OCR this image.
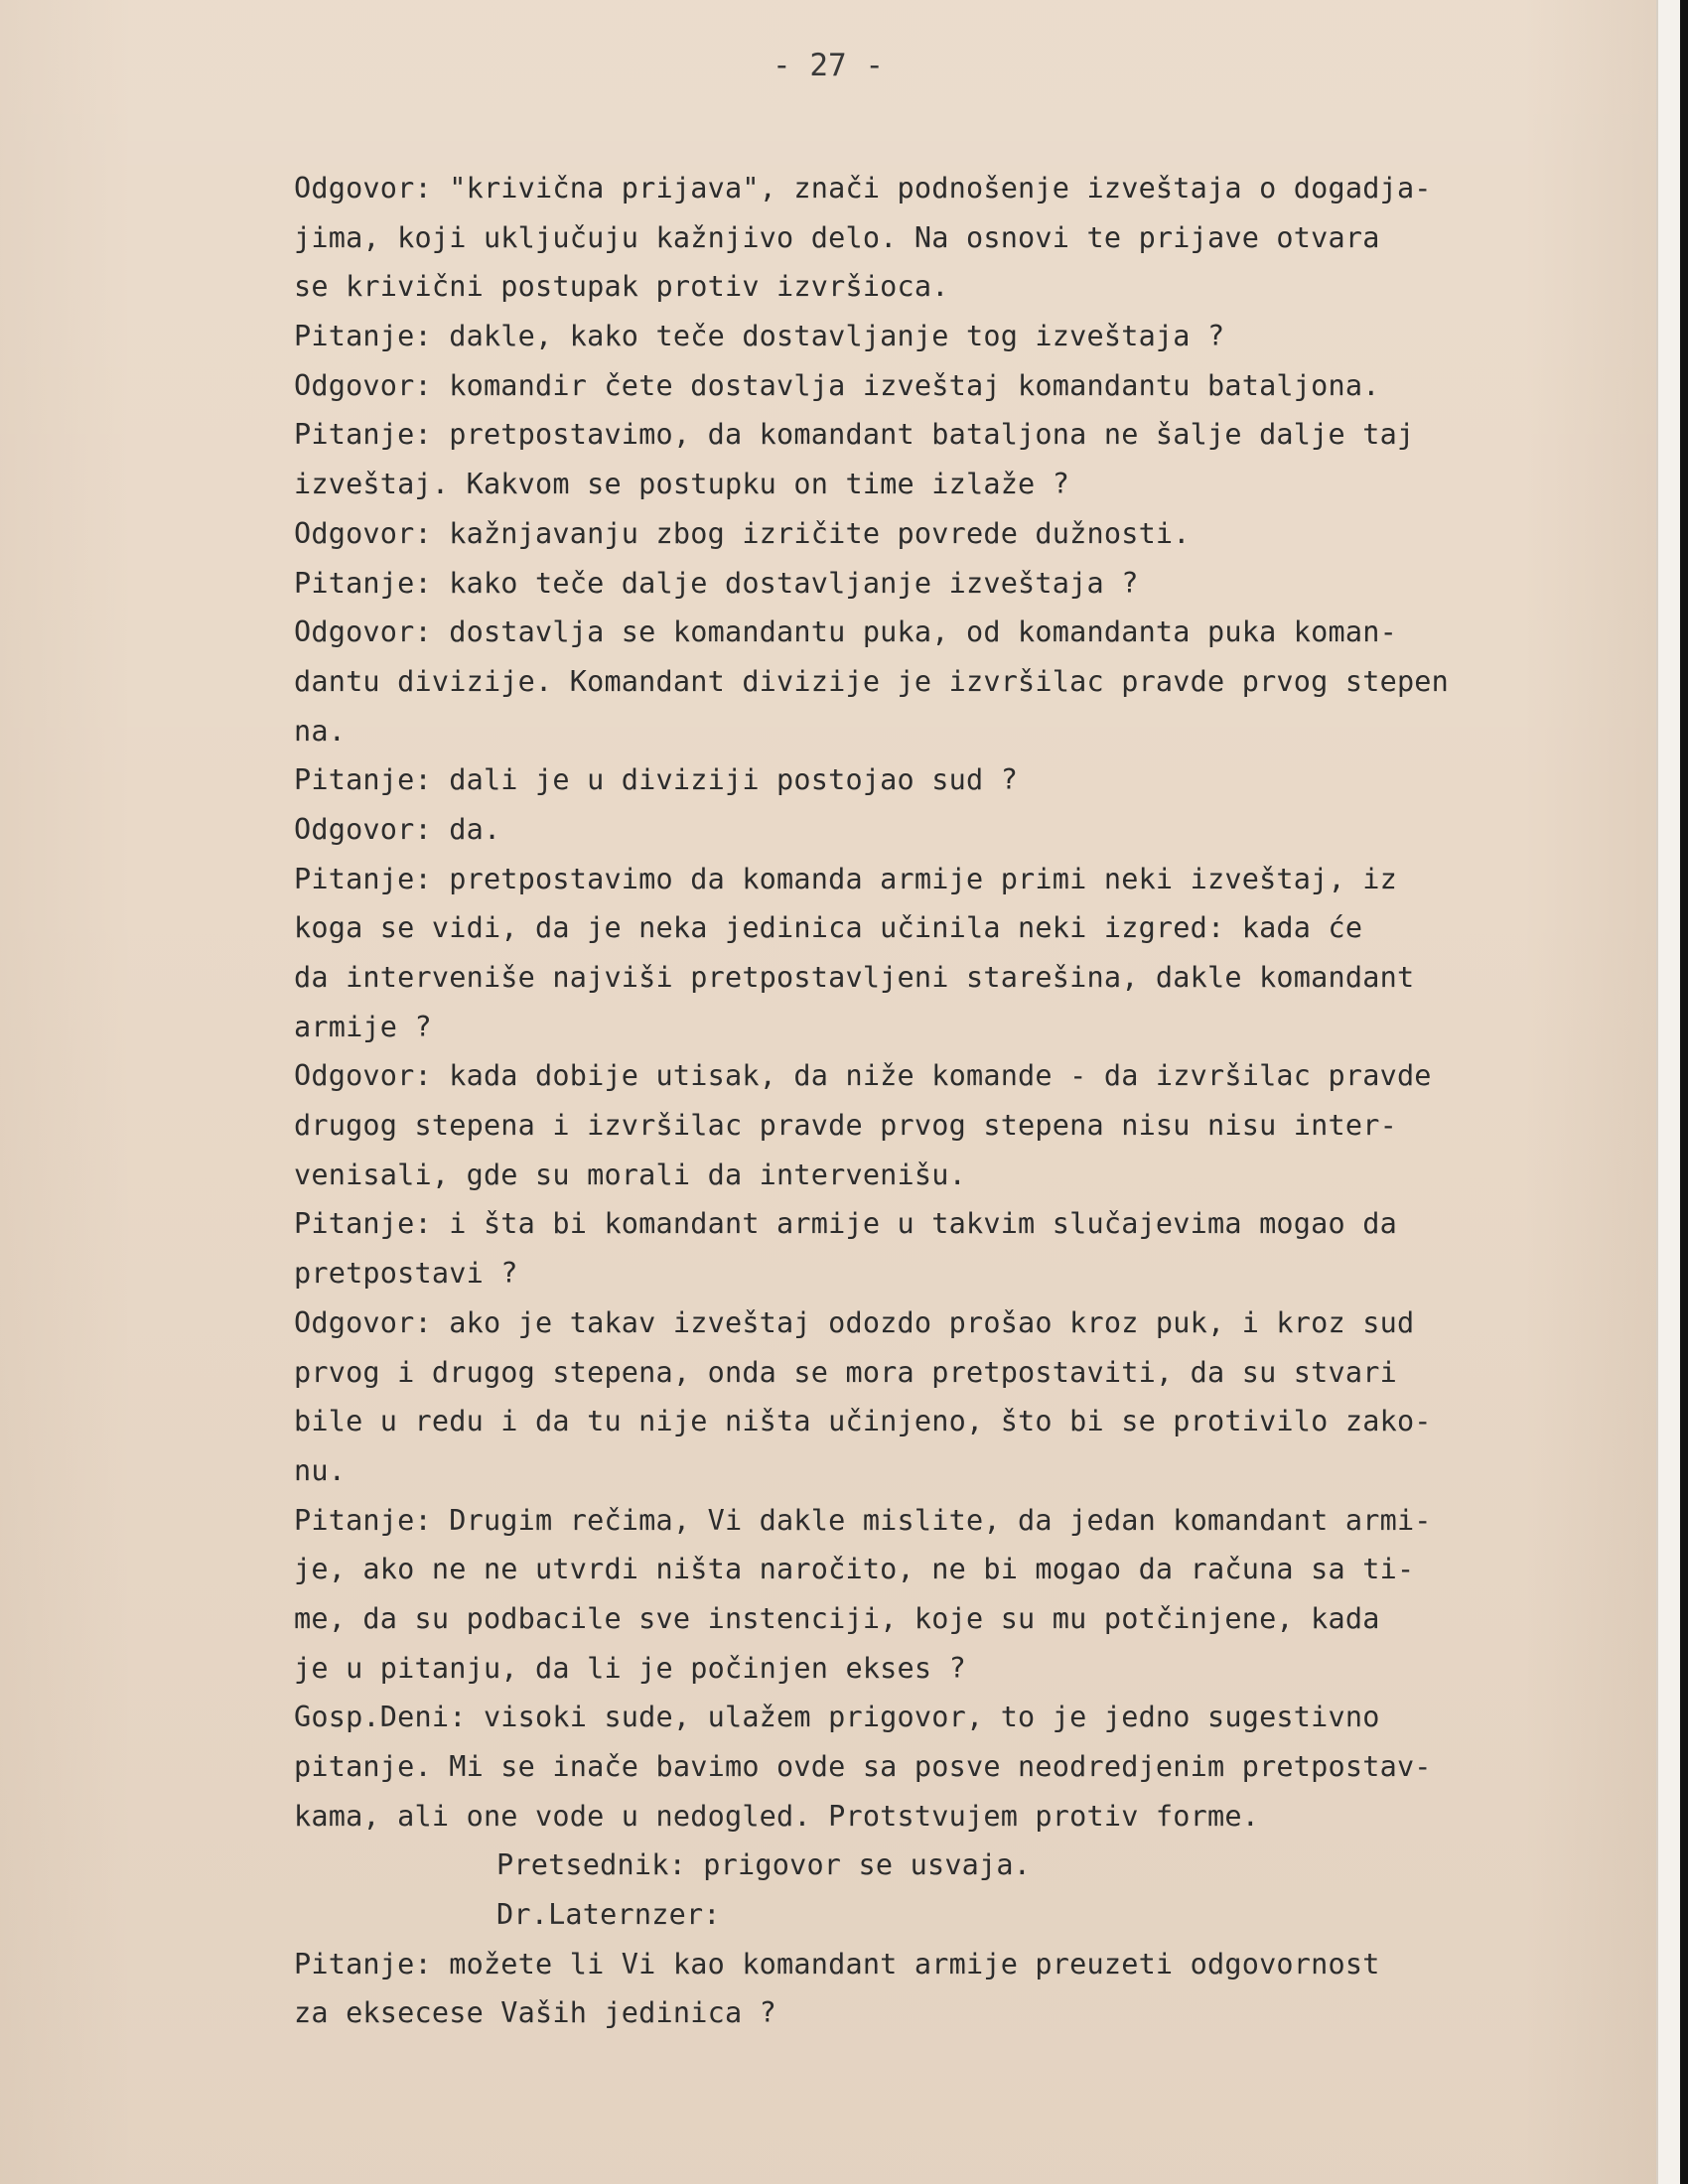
- 27 -
Odgovor: "krivična prijava", znači podnošenje izveštaja o dogadja-
jima, koji uključuju kažnjivo delo. Na osnovi te prijave otvara
se krivični postupak protiv izvršioca.
Pitanje: dakle, kako teče dostavljanje tog izveštaja ?
Odgovor: komandir čete dostavlja izveštaj komandantu bataljona.
Pitanje: pretpostavimo, da komandant bataljona ne šalje dalje taj
izveštaj. Kakvom se postupku on time izlaže ?
Odgovor: kažnjavanju zbog izričite povrede dužnosti.
Pitanje: kako teče dalje dostavljanje izveštaja ?
Odgovor: dostavlja se komandantu puka, od komandanta puka koman-
dantu divizije. Komandant divizije je izvršilac pravde prvog stepen
na.
Pitanje: dali je u diviziji postojao sud ?
Odgovor: da.
Pitanje: pretpostavimo da komanda armije primi neki izveštaj, iz
koga se vidi, da je neka jedinica učinila neki izgred: kada će
da interveniše najviši pretpostavljeni starešina, dakle komandant
armije ?
Odgovor: kada dobije utisak, da niže komande - da izvršilac pravde
drugog stepena i izvršilac pravde prvog stepena nisu nisu inter-
venisali, gde su morali da intervenišu.
Pitanje: i šta bi komandant armije u takvim slučajevima mogao da
pretpostavi ?
Odgovor: ako je takav izveštaj odozdo prošao kroz puk, i kroz sud
prvog i drugog stepena, onda se mora pretpostaviti, da su stvari
bile u redu i da tu nije ništa učinjeno, što bi se protivilo zako-
nu.
Pitanje: Drugim rečima, Vi dakle mislite, da jedan komandant armi-
je, ako ne ne utvrdi ništa naročito, ne bi mogao da računa sa ti-
me, da su podbacile sve instenciji, koje su mu potčinjene, kada
je u pitanju, da li je počinjen ekses ?
Gosp.Deni: visoki sude, ulažem prigovor, to je jedno sugestivno
pitanje. Mi se inače bavimo ovde sa posve neodredjenim pretpostav-
kama, ali one vode u nedogled. Protstvujem protiv forme.
Pretsednik: prigovor se usvaja.
Dr.Laternzer:
Pitanje: možete li Vi kao komandant armije preuzeti odgovornost
za eksecese Vaših jedinica ?
